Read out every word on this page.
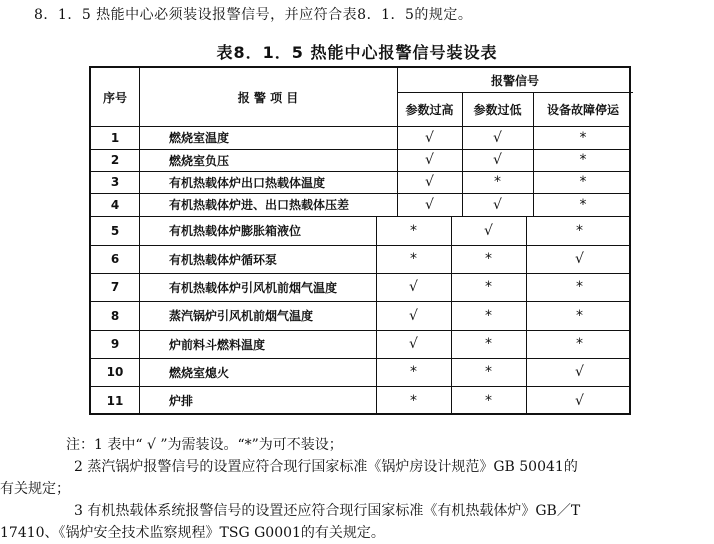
8．1．5 热能中心必须装设报警信号，并应符合表8．1．5的规定。
表8．1．5 热能中心报警信号装设表
序号	报 警 项 目
报警信号
参数过高	参数过低	设备故障停运
1	燃烧室温度	√	√	*
2	燃烧室负压	√	√	*
3	有机热载体炉出口热载体温度	√	*	*
4	有机热载体炉进、出口热载体压差	√	√	*
5	有机热载体炉膨胀箱液位	*	√	*
6	有机热载体炉循环泵	*	*	√
7	有机热载体炉引风机前烟气温度	√	*	*
8	蒸汽锅炉引风机前烟气温度	√	*	*
9	炉前料斗燃料温度	√	*	*
10	燃烧室熄火	*	*	√
11	炉排	*	*	√
注：1 表中“ √ ”为需装设。“*”为可不装设；
2 蒸汽锅炉报警信号的设置应符合现行国家标准《锅炉房设计规范》GB 50041的
有关规定；
3 有机热载体系统报警信号的设置还应符合现行国家标准《有机热载体炉》GB／T
17410、《锅炉安全技术监察规程》TSG G0001的有关规定。
